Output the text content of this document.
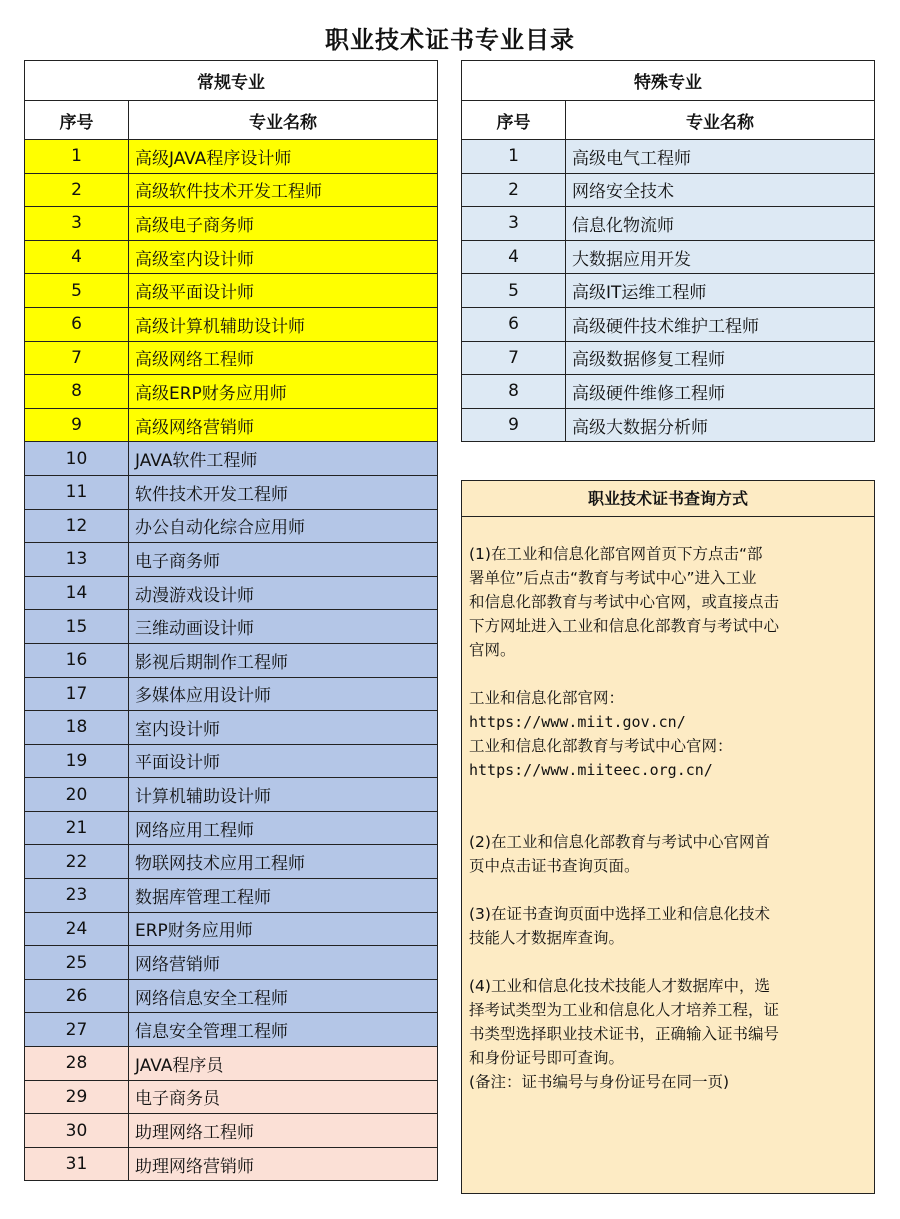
职业技术证书专业目录
常规专业	
序号	专业名称
1	高级JAVA程序设计师
2	高级软件技术开发工程师
3	高级电子商务师
4	高级室内设计师
5	高级平面设计师
6	高级计算机辅助设计师
7	高级网络工程师
8	高级ERP财务应用师
9	高级网络营销师
10	JAVA软件工程师
11	软件技术开发工程师
12	办公自动化综合应用师
13	电子商务师
14	动漫游戏设计师
15	三维动画设计师
16	影视后期制作工程师
17	多媒体应用设计师
18	室内设计师
19	平面设计师
20	计算机辅助设计师
21	网络应用工程师
22	物联网技术应用工程师
23	数据库管理工程师
24	ERP财务应用师
25	网络营销师
26	网络信息安全工程师
27	信息安全管理工程师
28	JAVA程序员
29	电子商务员
30	助理网络工程师
31	助理网络营销师
特殊专业	
序号	专业名称
1	高级电气工程师
2	网络安全技术
3	信息化物流师
4	大数据应用开发
5	高级IT运维工程师
6	高级硬件技术维护工程师
7	高级数据修复工程师
8	高级硬件维修工程师
9	高级大数据分析师
职业技术证书查询方式

(1)在工业和信息化部官网首页下方点击“部

署单位”后点击“教育与考试中心”进入工业

和信息化部教育与考试中心官网，或直接点击

下方网址进入工业和信息化部教育与考试中心

官网。

工业和信息化部官网：

https://www.miit.gov.cn/

工业和信息化部教育与考试中心官网：

https://www.miiteec.org.cn/

(2)在工业和信息化部教育与考试中心官网首

页中点击证书查询页面。

(3)在证书查询页面中选择工业和信息化技术

技能人才数据库查询。

(4)工业和信息化技术技能人才数据库中，选

择考试类型为工业和信息化人才培养工程，证

书类型选择职业技术证书，正确输入证书编号

和身份证号即可查询。

(备注：证书编号与身份证号在同一页)
